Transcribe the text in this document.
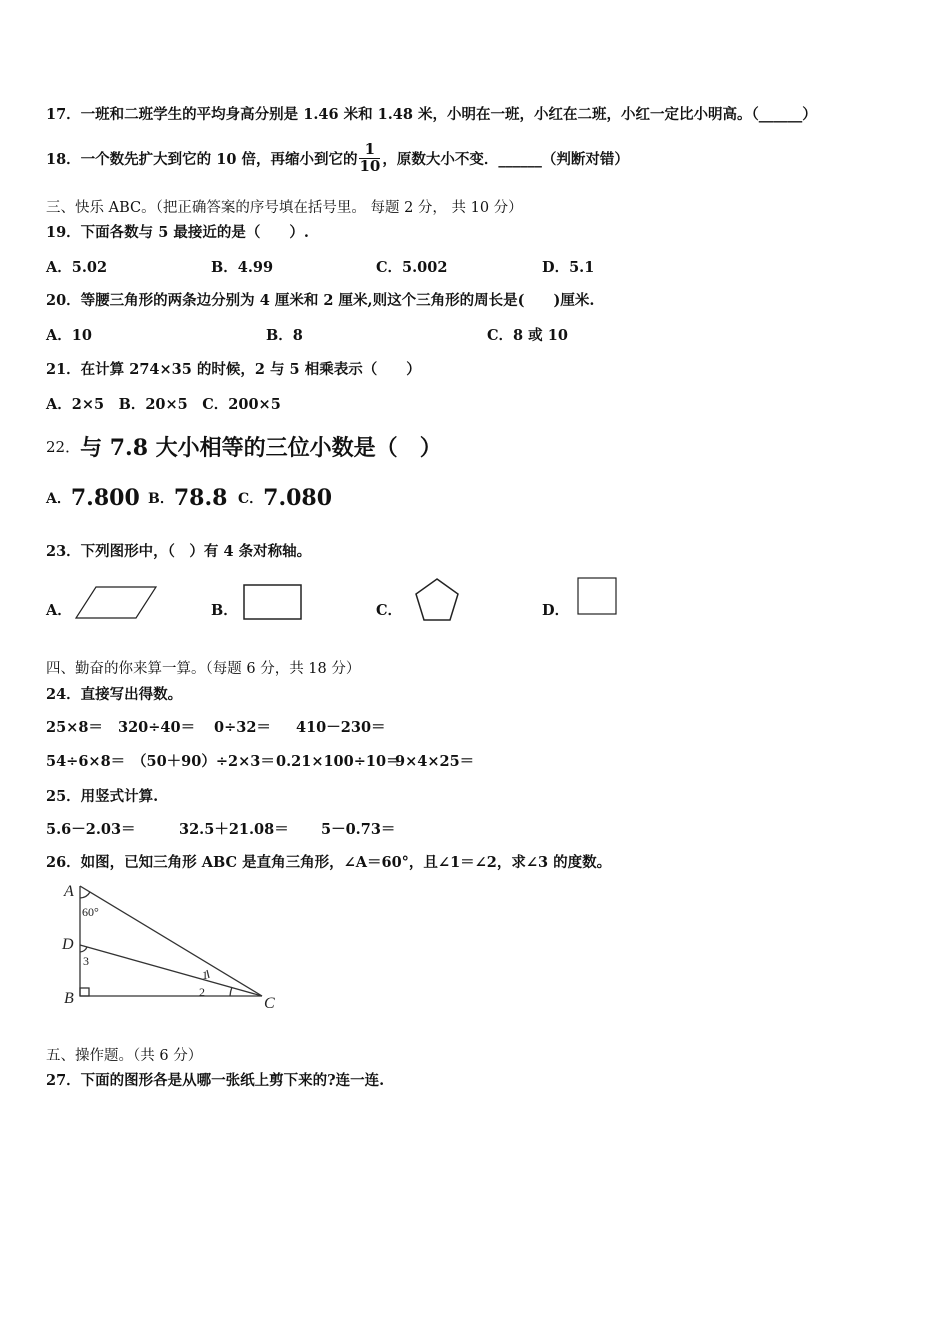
17．一班和二班学生的平均身高分别是 1.46 米和 1.48 米，小明在一班，小红在二班，小红一定比小明高。（______）
18．一个数先扩大到它的 10 倍，再缩小到它的 $\frac{1}{10}$ ，原数大小不变．______（判断对错）
三、快乐 ABC。（把正确答案的序号填在括号里。 每题 2 分， 共 10 分）
19．下面各数与 5 最接近的是（　　）.
A．5.02	B．4.99	C．5.002	D．5.1
20．等腰三角形的两条边分别为 4 厘米和 2 厘米,则这个三角形的周长是(　　)厘米.
A．10	B．8	C．8 或 10
21．在计算 274×35 的时候，2 与 5 相乘表示（　　）
A．2×5　B．20×5　C．200×5
22． 与 7.8 大小相等的三位小数是（　）
A． 7.800 B． 78.8 C． 7.080
23．下列图形中，（　）有 4 条对称轴。
A．	B．	C．	D．
四、勤奋的你来算一算。（每题 6 分，共 18 分）
24．直接写出得数。
25×8＝ 320÷40＝ 0÷32＝ 410－230＝
54÷6×8＝ （50＋90）÷2×3＝ 0.21×100÷10＝
9×4×25＝
25．用竖式计算.
5.6－2.03＝	32.5＋21.08＝ 5－0.73＝
26．如图，已知三角形 ABC 是直角三角形，∠A＝60°，且∠1＝∠2，求∠3 的度数。
A
D
B	C
60°
3
1
2
五、操作题。（共 6 分）
27．下面的图形各是从哪一张纸上剪下来的?连一连.
